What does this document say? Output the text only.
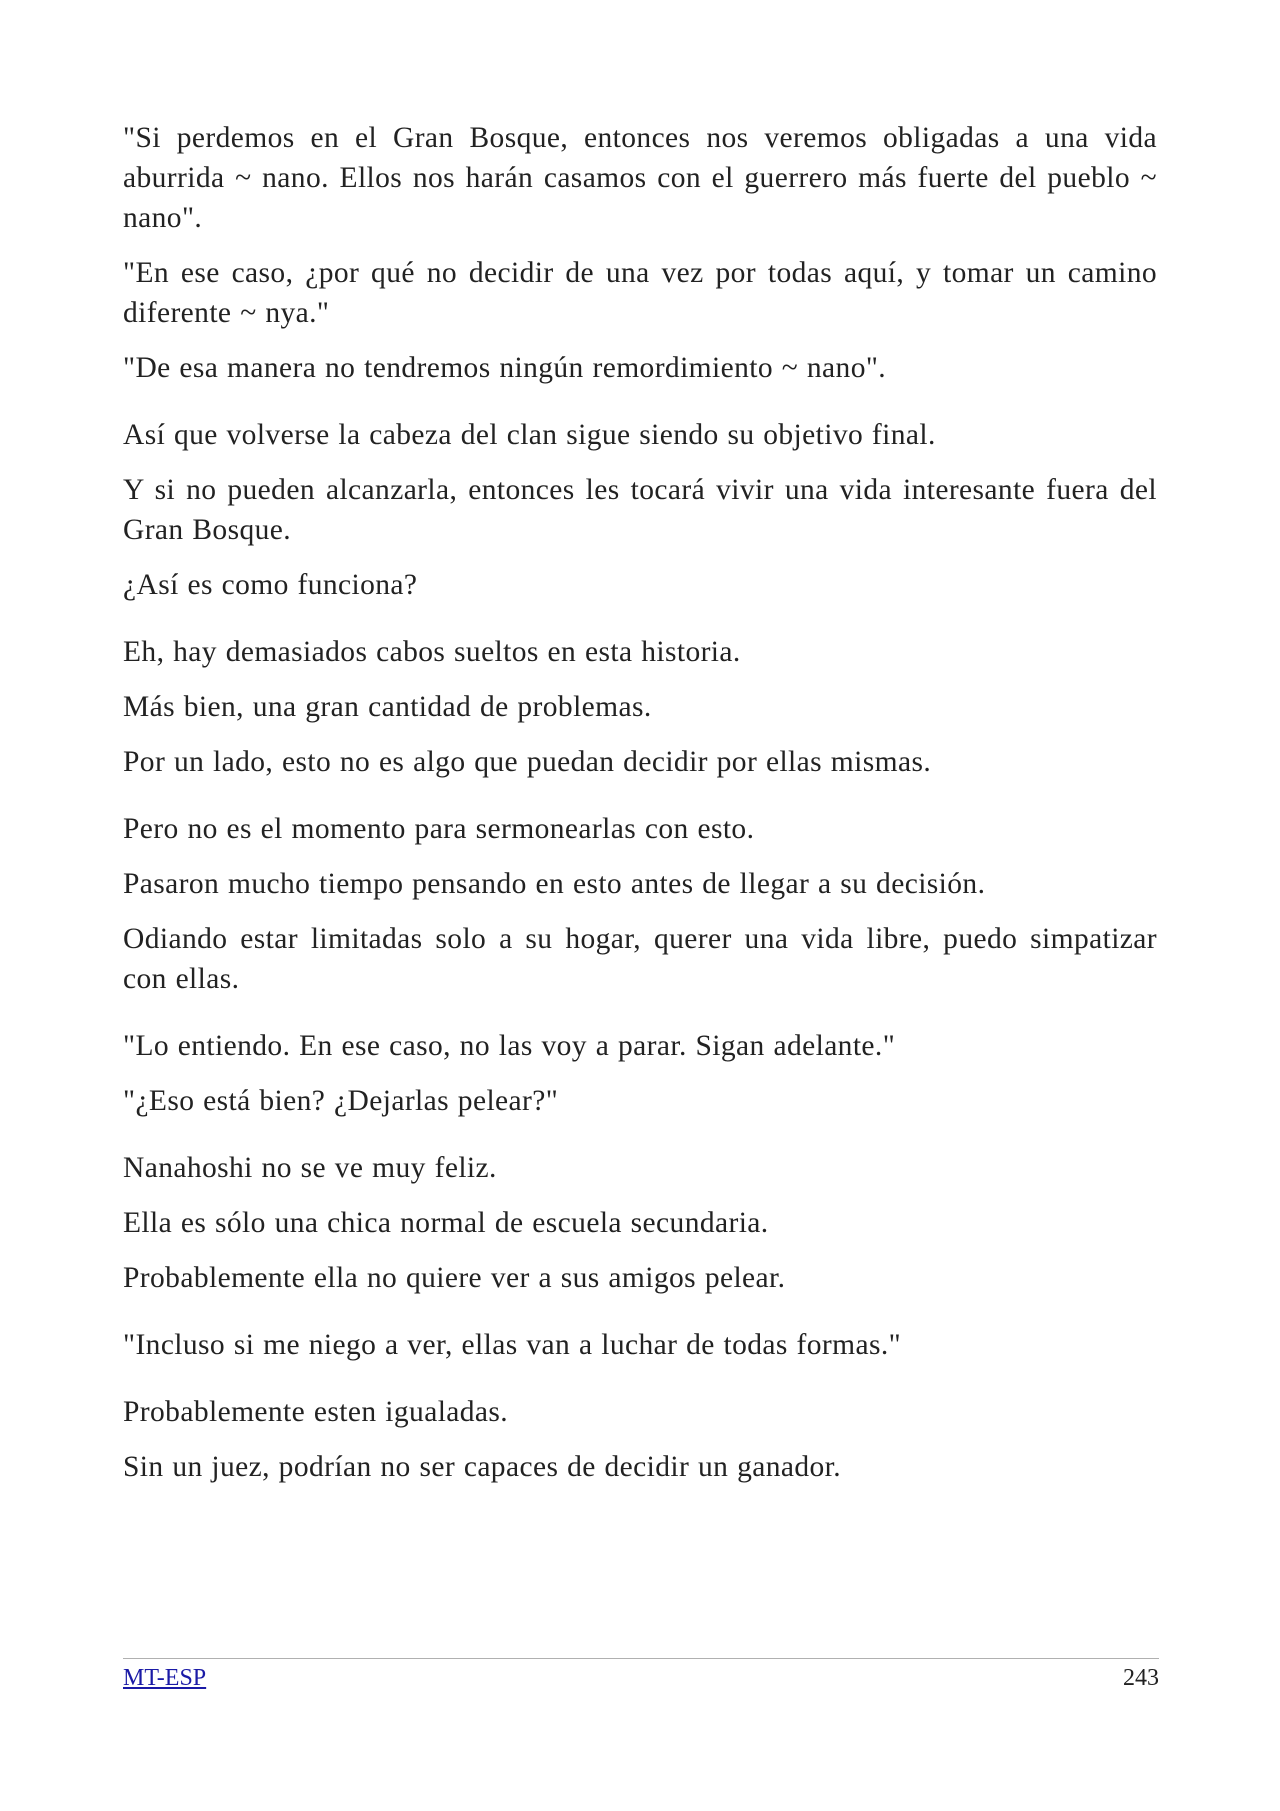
"Si perdemos en el Gran Bosque, entonces nos veremos obligadas a una vida aburrida ~ nano. Ellos nos harán casamos con el guerrero más fuerte del pueblo ~ nano".

"En ese caso, ¿por qué no decidir de una vez por todas aquí, y tomar un camino diferente ~ nya."

"De esa manera no tendremos ningún remordimiento ~ nano".

Así que volverse la cabeza del clan sigue siendo su objetivo final.

Y si no pueden alcanzarla, entonces les tocará vivir una vida interesante fuera del Gran Bosque.

¿Así es como funciona?

Eh, hay demasiados cabos sueltos en esta historia.

Más bien, una gran cantidad de problemas.

Por un lado, esto no es algo que puedan decidir por ellas mismas.

Pero no es el momento para sermonearlas con esto.

Pasaron mucho tiempo pensando en esto antes de llegar a su decisión.

Odiando estar limitadas solo a su hogar, querer una vida libre, puedo simpatizar con ellas.

"Lo entiendo. En ese caso, no las voy a parar. Sigan adelante."

"¿Eso está bien? ¿Dejarlas pelear?"

Nanahoshi no se ve muy feliz.

Ella es sólo una chica normal de escuela secundaria.

Probablemente ella no quiere ver a sus amigos pelear.

"Incluso si me niego a ver, ellas van a luchar de todas formas."

Probablemente esten igualadas.

Sin un juez, podrían no ser capaces de decidir un ganador.

MT-ESP	243
